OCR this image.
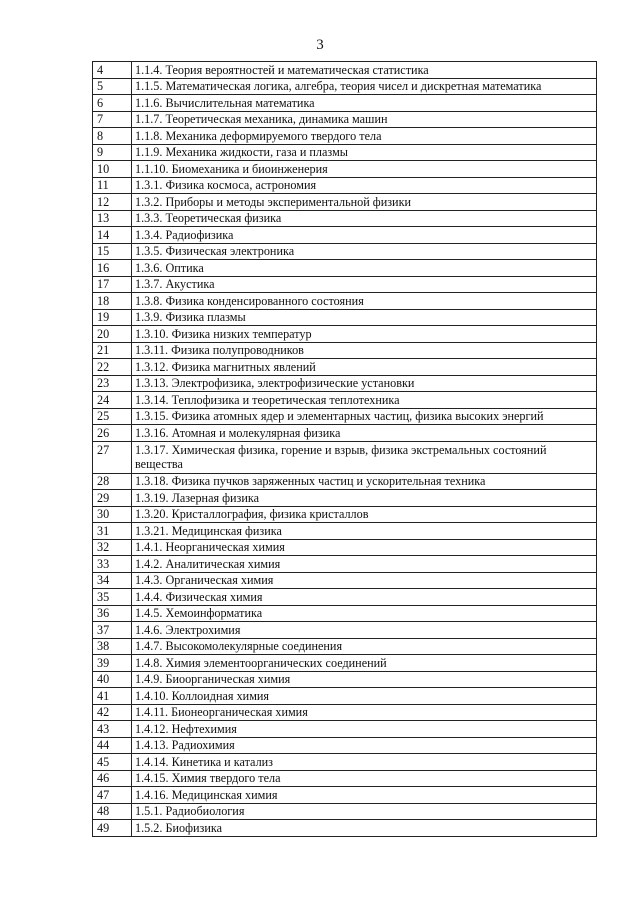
3
4	1.1.4. Теория вероятностей и математическая статистика
5	1.1.5. Математическая логика, алгебра, теория чисел и дискретная математика
6	1.1.6. Вычислительная математика
7	1.1.7. Теоретическая механика, динамика машин
8	1.1.8. Механика деформируемого твердого тела
9	1.1.9. Механика жидкости, газа и плазмы
10	1.1.10. Биомеханика и биоинженерия
11	1.3.1. Физика космоса, астрономия
12	1.3.2. Приборы и методы экспериментальной физики
13	1.3.3. Теоретическая физика
14	1.3.4. Радиофизика
15	1.3.5. Физическая электроника
16	1.3.6. Оптика
17	1.3.7. Акустика
18	1.3.8. Физика конденсированного состояния
19	1.3.9. Физика плазмы
20	1.3.10. Физика низких температур
21	1.3.11. Физика полупроводников
22	1.3.12. Физика магнитных явлений
23	1.3.13. Электрофизика, электрофизические установки
24	1.3.14. Теплофизика и теоретическая теплотехника
25	1.3.15. Физика атомных ядер и элементарных частиц, физика высоких энергий
26	1.3.16. Атомная и молекулярная физика
27	1.3.17. Химическая физика, горение и взрыв, физика экстремальных состояний вещества
28	1.3.18. Физика пучков заряженных частиц и ускорительная техника
29	1.3.19. Лазерная физика
30	1.3.20. Кристаллография, физика кристаллов
31	1.3.21. Медицинская физика
32	1.4.1. Неорганическая химия
33	1.4.2. Аналитическая химия
34	1.4.3. Органическая химия
35	1.4.4. Физическая химия
36	1.4.5. Хемоинформатика
37	1.4.6. Электрохимия
38	1.4.7. Высокомолекулярные соединения
39	1.4.8. Химия элементоорганических соединений
40	1.4.9. Биоорганическая химия
41	1.4.10. Коллоидная химия
42	1.4.11. Бионеорганическая химия
43	1.4.12. Нефтехимия
44	1.4.13. Радиохимия
45	1.4.14. Кинетика и катализ
46	1.4.15. Химия твердого тела
47	1.4.16. Медицинская химия
48	1.5.1. Радиобиология
49	1.5.2. Биофизика
